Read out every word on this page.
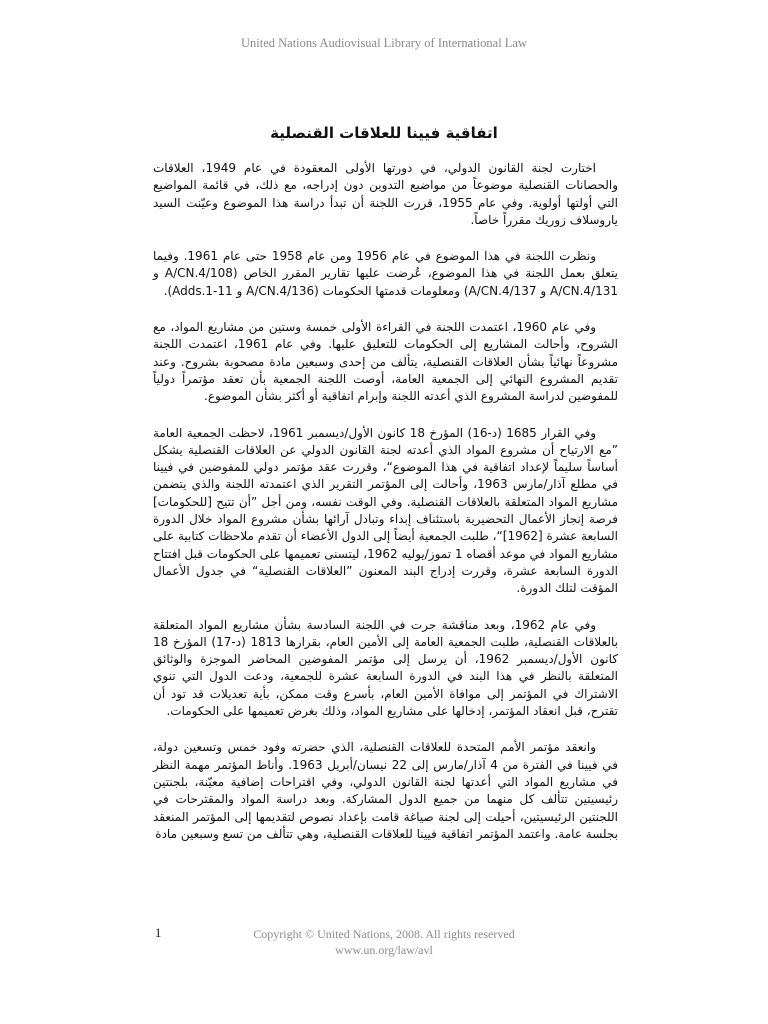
United Nations Audiovisual Library of International Law
اتفاقية فيينا للعلاقات القنصلية

اختارت لجنة القانون الدولي، في دورتها الأولى المعقودة في عام 1949، العلاقات والحصانات القنصلية موضوعاً من مواضيع التدوين دون إدراجه، مع ذلك، في قائمة المواضيع التي أولتها أولوية. وفي عام 1955، قررت اللجنة أن تبدأ دراسة هذا الموضوع وعيّنت السيد ياروسلاف زوريك مقرراً خاصاً.

ونظرت اللجنة في هذا الموضوع في عام 1956 ومن عام 1958 حتى عام 1961. وفيما يتعلق بعمل اللجنة في هذا الموضوع، عُرضت عليها تقارير المقرر الخاص (A/CN.4/108 و A/CN.4/131 و A/CN.4/137) ومعلومات قدمتها الحكومات (A/CN.4/136 و Adds.1-11).

وفي عام 1960، اعتمدت اللجنة في القراءة الأولى خمسة وستين من مشاريع المواد، مع الشروح، وأحالت المشاريع إلى الحكومات للتعليق عليها. وفي عام 1961، اعتمدت اللجنة مشروعاً نهائياً بشأن العلاقات القنصلية، يتألف من إحدى وسبعين مادة مصحوبة بشروح. وعند تقديم المشروع النهائي إلى الجمعية العامة، أوصت اللجنة الجمعية بأن تعقد مؤتمراً دولياً للمفوضين لدراسة المشروع الذي أعدته اللجنة وإبرام اتفاقية أو أكثر بشأن الموضوع.

وفي القرار 1685 (د-16) المؤرخ 18 كانون الأول/ديسمبر 1961، لاحظت الجمعية العامة ”مع الارتياح أن مشروع المواد الذي أعدته لجنة القانون الدولي عن العلاقات القنصلية يشكل أساساً سليماً لإعداد اتفاقية في هذا الموضوع“، وقررت عقد مؤتمر دولي للمفوضين في فيينا في مطلع آذار/مارس 1963، وأحالت إلى المؤتمر التقرير الذي اعتمدته اللجنة والذي يتضمن مشاريع المواد المتعلقة بالعلاقات القنصلية. وفي الوقت نفسه، ومن أجل ”أن تتيح [للحكومات] فرصة إنجاز الأعمال التحضيرية باستئناف إبداء وتبادل آرائها بشأن مشروع المواد خلال الدورة السابعة عشرة [1962]“، طلبت الجمعية أيضاً إلى الدول الأعضاء أن تقدم ملاحظات كتابية على مشاريع المواد في موعد أقصاه 1 تموز/يوليه 1962، ليتسنى تعميمها على الحكومات قبل افتتاح الدورة السابعة عشرة، وقررت إدراج البند المعنون ”العلاقات القنصلية“ في جدول الأعمال المؤقت لتلك الدورة.

وفي عام 1962، وبعد مناقشة جرت في اللجنة السادسة بشأن مشاريع المواد المتعلقة بالعلاقات القنصلية، طلبت الجمعية العامة إلى الأمين العام، بقرارها 1813 (د-17) المؤرخ 18 كانون الأول/ديسمبر 1962، أن يرسل إلى مؤتمر المفوضين المحاضر الموجزة والوثائق المتعلقة بالنظر في هذا البند في الدورة السابعة عشرة للجمعية، ودعت الدول التي تنوي الاشتراك في المؤتمر إلى موافاة الأمين العام، بأسرع وقت ممكن، بأية تعديلات قد تود أن تقترح، قبل انعقاد المؤتمر، إدخالها على مشاريع المواد، وذلك بغرض تعميمها على الحكومات.

وانعقد مؤتمر الأمم المتحدة للعلاقات القنصلية، الذي حضرته وفود خمس وتسعين دولة، في فيينا في الفترة من 4 آذار/مارس إلى 22 نيسان/أبريل 1963. وأناط المؤتمر مهمة النظر في مشاريع المواد التي أعدتها لجنة القانون الدولي، وفي اقتراحات إضافية معيّنة، بلجنتين رئيسيتين تتألف كل منهما من جميع الدول المشاركة. وبعد دراسة المواد والمقترحات في اللجنتين الرئيسيتين، أحيلت إلى لجنة صياغة قامت بإعداد نصوص لتقديمها إلى المؤتمر المنعقد بجلسة عامة. واعتمد المؤتمر اتفاقية فيينا للعلاقات القنصلية، وهي تتألف من تسع وسبعين مادة

Copyright © United Nations, 2008. All rights reserved
www.un.org/law/avl
1
